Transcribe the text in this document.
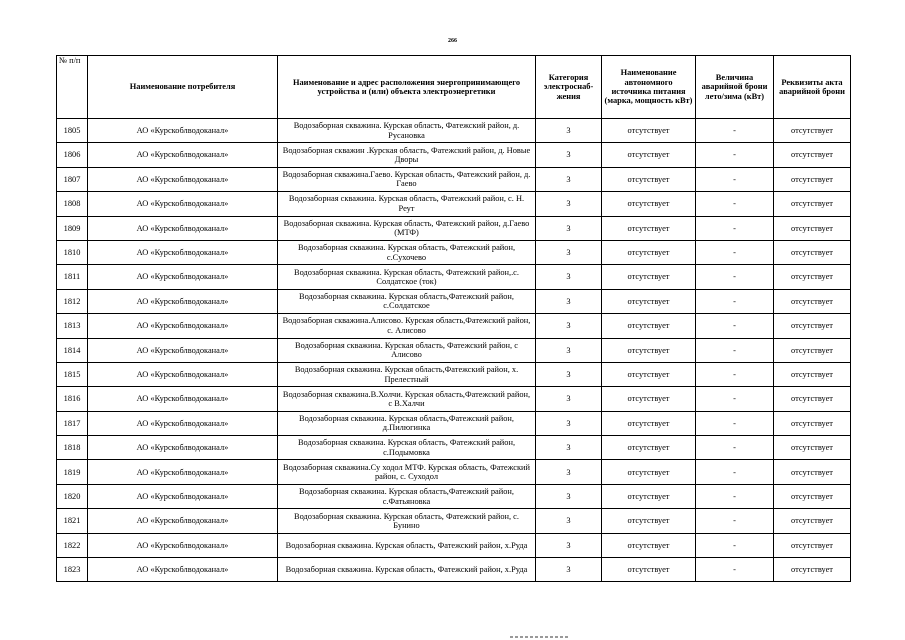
266
№ п/п	Наименование потребителя	Наименование и адрес расположения энергопринимающего устройства и (или) объекта электроэнергетики	Категория электроснаб-жения	Наименование автономного источника питания (марка, мощность кВт)	Величина аварийной брони лето/зима (кВт)	Реквизиты акта аварийной брони
1805	АО «Курскоблводоканал»	Водозаборная скважина. Курская область, Фатежский район, д. Русановка	3	отсутствует	-	отсутствует
1806	АО «Курскоблводоканал»	Водозаборная скважин .Курская область, Фатежский район, д. Новые Дворы	3	отсутствует	-	отсутствует
1807	АО «Курскоблводоканал»	Водозаборная скважина.Гаево. Курская область, Фатежский район, д. Гаево	3	отсутствует	-	отсутствует
1808	АО «Курскоблводоканал»	Водозаборная скважина. Курская область, Фатежский район, с. Н. Реут	3	отсутствует	-	отсутствует
1809	АО «Курскоблводоканал»	Водозаборная скважина. Курская область, Фатежский район, д.Гаево (МТФ)	3	отсутствует	-	отсутствует
1810	АО «Курскоблводоканал»	Водозаборная скважина. Курская область, Фатежский район, с.Сухочево	3	отсутствует	-	отсутствует
1811	АО «Курскоблводоканал»	Водозаборная скважина. Курская область, Фатежский район,.с. Солдатское (ток)	3	отсутствует	-	отсутствует
1812	АО «Курскоблводоканал»	Водозаборная скважина. Курская область,Фатежский район, с.Солдатское	3	отсутствует	-	отсутствует
1813	АО «Курскоблводоканал»	Водозаборная скважина.Алисово. Курская область,Фатежский район, с. Алисово	3	отсутствует	-	отсутствует
1814	АО «Курскоблводоканал»	Водозаборная скважина. Курская область, Фатежский район, с Алисово	3	отсутствует	-	отсутствует
1815	АО «Курскоблводоканал»	Водозаборная скважина. Курская область,Фатежский район, х. Прелестный	3	отсутствует	-	отсутствует
1816	АО «Курскоблводоканал»	Водозаборная скважина.В.Холчи. Курская область,Фатежский район, с В.Халчи	3	отсутствует	-	отсутствует
1817	АО «Курскоблводоканал»	Водозаборная скважина. Курская область,Фатежский район, д.Пилюгинка	3	отсутствует	-	отсутствует
1818	АО «Курскоблводоканал»	Водозаборная скважина. Курская область, Фатежский район, с.Подымовка	3	отсутствует	-	отсутствует
1819	АО «Курскоблводоканал»	Водозаборная скважина.Су ходол МТФ. Курская область, Фатежский район, с. Суходол	3	отсутствует	-	отсутствует
1820	АО «Курскоблводоканал»	Водозаборная скважина. Курская область,Фатежский район, с.Фатьяновка	3	отсутствует	-	отсутствует
1821	АО «Курскоблводоканал»	Водозаборная скважина. Курская область, Фатежский район, с. Бунино	3	отсутствует	-	отсутствует
1822	АО «Курскоблводоканал»	Водозаборная скважина. Курская область, Фатежский район, х.Руда	3	отсутствует	-	отсутствует
1823	АО «Курскоблводоканал»	Водозаборная скважина. Курская область, Фатежский район, х.Руда	3	отсутствует	-	отсутствует
